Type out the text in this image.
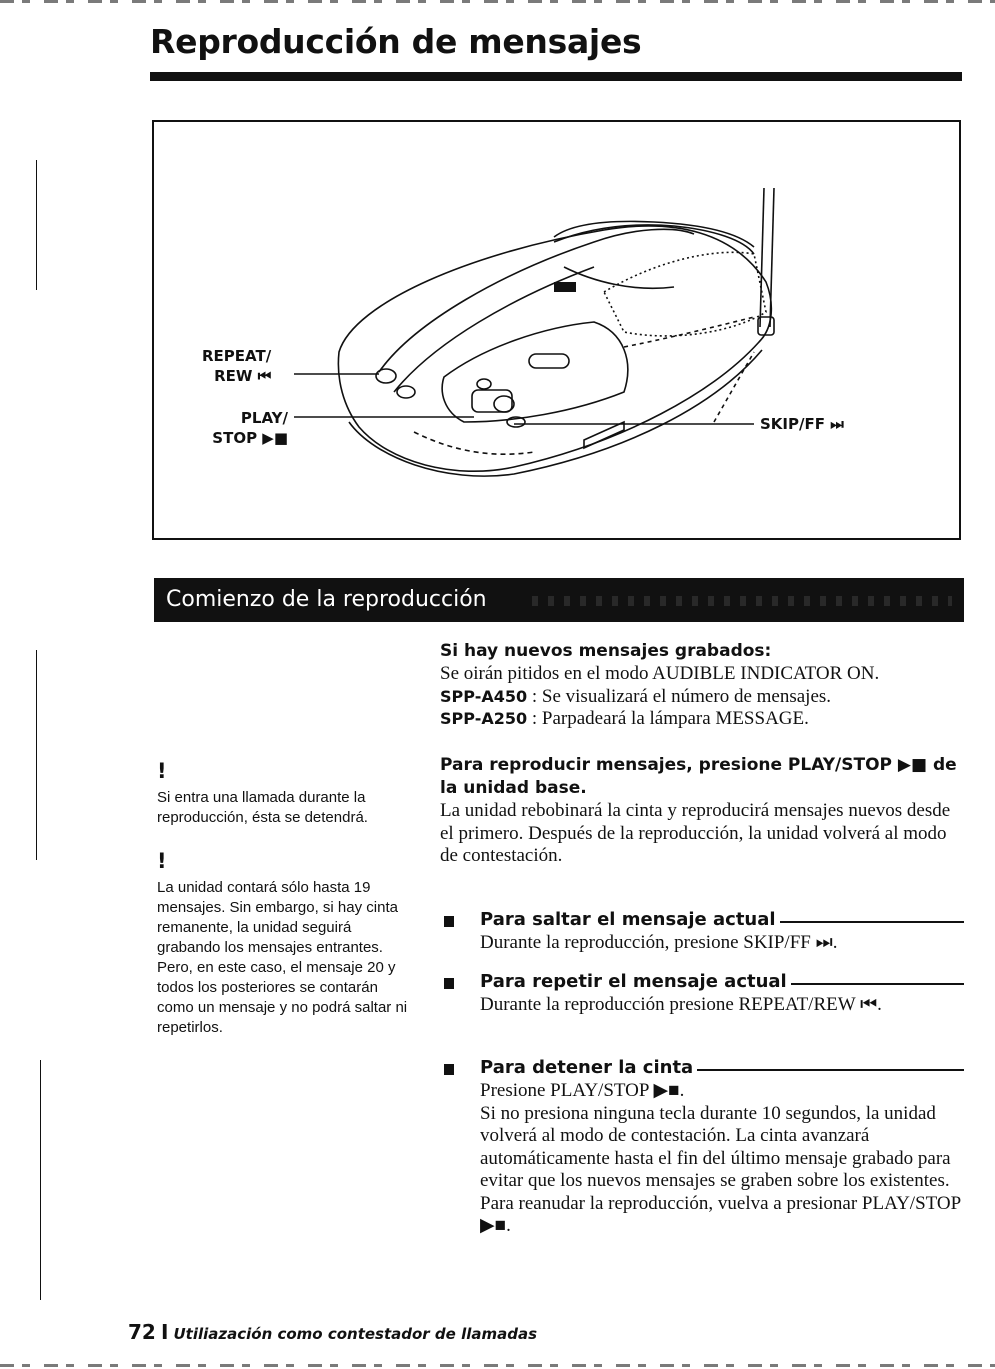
Reproducción de mensajes
REPEAT/
REW ⏮
PLAY/
STOP ▶■
SKIP/FF ⏭
Comienzo de la reproducción
!
Si entra una llamada durante la reproducción, ésta se detendrá.
!
La unidad contará sólo hasta 19 mensajes. Sin embargo, si hay cinta remanente, la unidad seguirá grabando los mensajes entrantes. Pero, en este caso, el mensaje 20 y todos los posteriores se contarán como un mensaje y no podrá saltar ni repetirlos.
Si hay nuevos mensajes grabados:
Se oirán pitidos en el modo AUDIBLE INDICATOR ON.
SPP-A450 : Se visualizará el número de mensajes.
SPP-A250 : Parpadeará la lámpara MESSAGE.
Para reproducir mensajes, presione PLAY/STOP ▶■ de la unidad base.
La unidad rebobinará la cinta y reproducirá mensajes nuevos desde el primero. Después de la reproducción, la unidad volverá al modo de contestación.
Para saltar el mensaje actual
Durante la reproducción, presione SKIP/FF ⏭.
Para repetir el mensaje actual
Durante la reproducción presione REPEAT/REW ⏮.
Para detener la cinta
Presione PLAY/STOP ▶■.
Si no presiona ninguna tecla durante 10 segundos, la unidad volverá al modo de contestación. La cinta avanzará automáticamente hasta el fin del último mensaje grabado para evitar que los nuevos mensajes se graben sobre los existentes.
Para reanudar la reproducción, vuelva a presionar PLAY/STOP ▶■.
72 I Utiliazación como contestador de llamadas
